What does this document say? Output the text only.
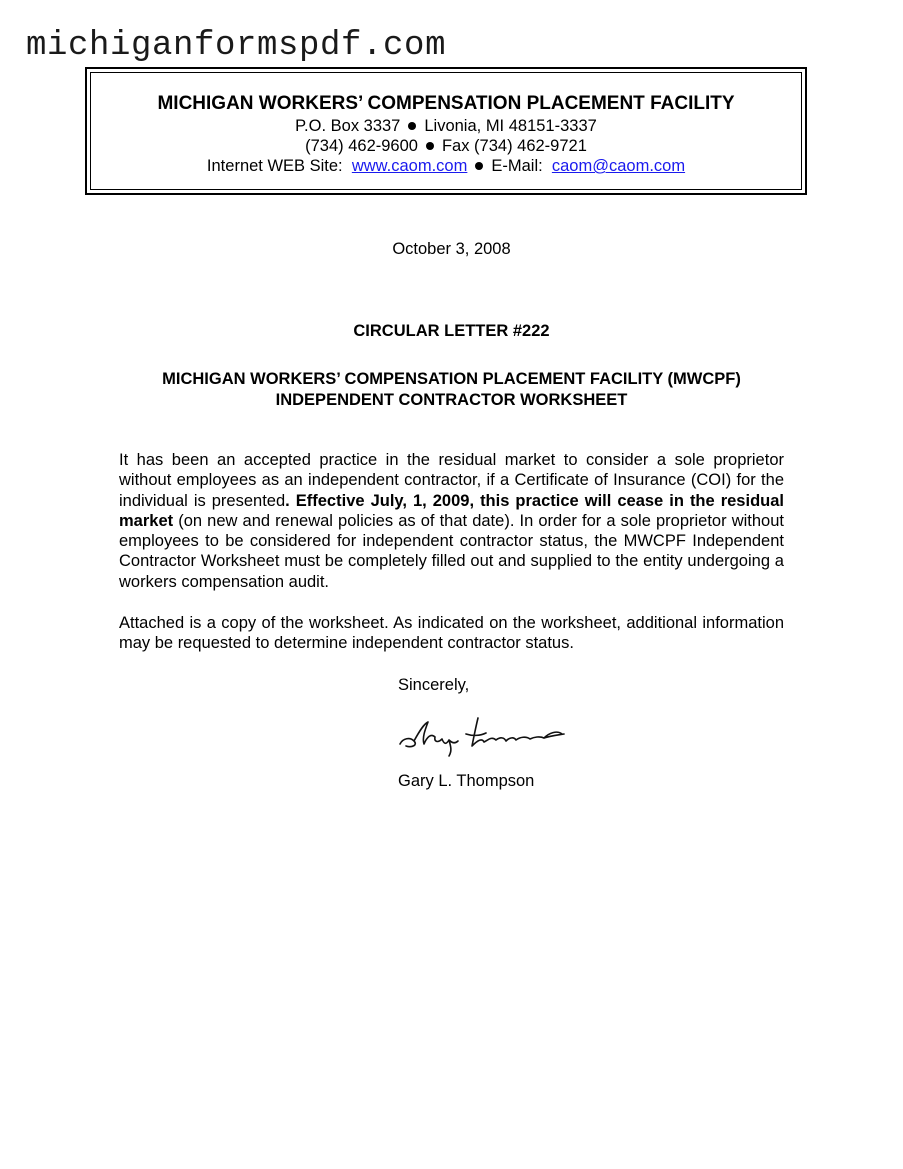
michiganformspdf.com
MICHIGAN WORKERS’ COMPENSATION PLACEMENT FACILITY
P.O. Box 3337 Livonia, MI 48151-3337
(734) 462-9600 Fax (734) 462-9721
Internet WEB Site: www.caom.com E-Mail: caom@caom.com
October 3, 2008
CIRCULAR LETTER #222
MICHIGAN WORKERS’ COMPENSATION PLACEMENT FACILITY (MWCPF)
INDEPENDENT CONTRACTOR WORKSHEET
It has been an accepted practice in the residual market to consider a sole proprietor without employees as an independent contractor, if a Certificate of Insurance (COI) for the individual is presented. Effective July, 1, 2009, this practice will cease in the residual market (on new and renewal policies as of that date). In order for a sole proprietor without employees to be considered for independent contractor status, the MWCPF Independent Contractor Worksheet must be completely filled out and supplied to the entity undergoing a workers compensation audit.
Attached is a copy of the worksheet. As indicated on the worksheet, additional information may be requested to determine independent contractor status.
Sincerely,
Gary L. Thompson
